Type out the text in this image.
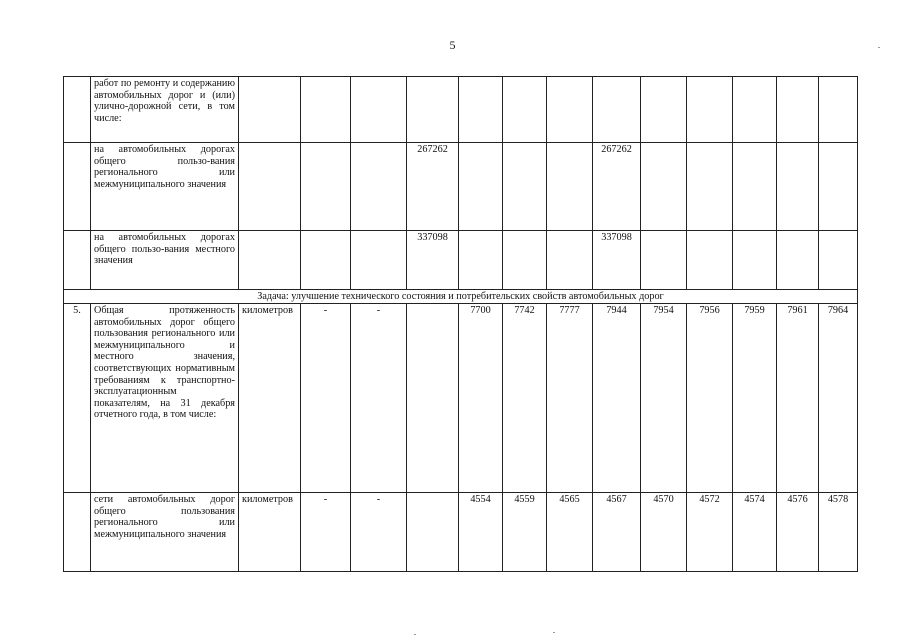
5
	работ по ремонту и содержанию автомобильных дорог и (или) улично-дорожной сети, в том числе:														
	на автомобильных дорогах общего пользо-вания регионального или межмуниципального значения				267262				267262						
	на автомобильных дорогах общего пользо-вания местного значения				337098				337098						
Задача: улучшение технического состояния и потребительских свойств автомобильных дорог															
5.	Общая протяженность автомобильных дорог общего пользования регионального или межмуниципального и местного значения, соответствующих нормативным требованиям к транспортно-эксплуатационным показателям, на 31 декабря отчетного года, в том числе:	километров	-	-		7700	7742	7777	7944	7954	7956	7959	7961	7964	
	сети автомобильных дорог общего пользования регионального или межмуниципального значения	километров	-	-		4554	4559	4565	4567	4570	4572	4574	4576	4578	
